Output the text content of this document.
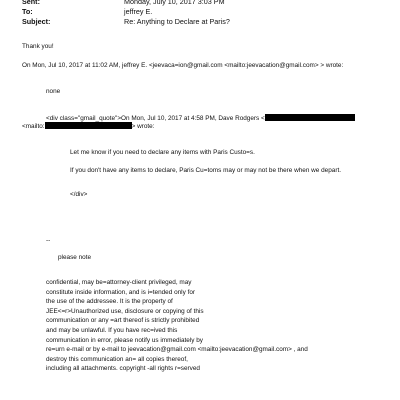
Sent:	Monday, July 10, 2017 3:03 PM
To:	jeffrey E.
Subject:	Re: Anything to Declare at Paris?
Thank you!
On Mon, Jul 10, 2017 at 11:02 AM, jeffrey E. <jeevaca=ion@gmail.com <mailto:jeevacation@gmail.com> > wrote:
none
<div class="gmail_quote">On Mon, Jul 10, 2017 at 4:58 PM, Dave Rodgers <
<mailto:	> wrote:
Let me know if you need to declare any items with Paris Custo=s.
If you don't have any items to declare, Paris Cu=toms may or may not be there when we depart.
</div>
--
please note
confidential, may be=attorney-client privileged, may
constitute inside information, and is i=tended only for
the use of the addressee. It is the property of
JEE<=r>Unauthorized use, disclosure or copying of this
communication or any =art thereof is strictly prohibited
and may be unlawful. If you have rec=ived this
communication in error, please notify us immediately by
re=urn e-mail or by e-mail to jeevacation@gmail.com <mailto:jeevacation@gmail.com> , and
destroy this communication an= all copies thereof,
including all attachments. copyright -all rights r=served
